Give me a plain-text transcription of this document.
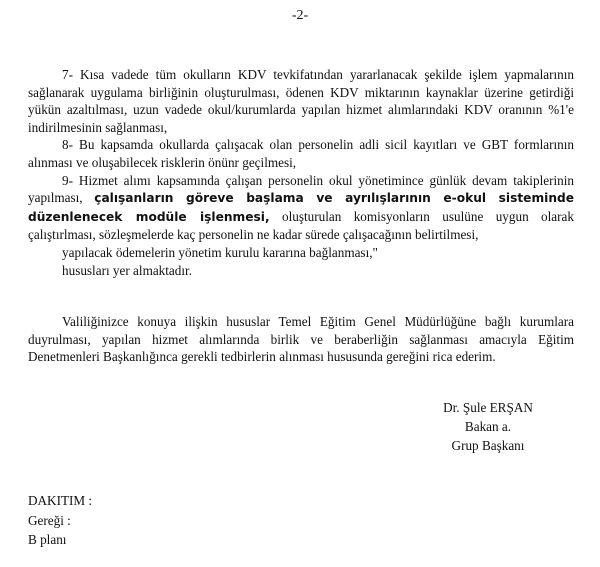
-2-

7- Kısa vadede tüm okulların KDV tevkifatından yararlanacak şekilde işlem yapmalarının sağlanarak uygulama birliğinin oluşturulması, ödenen KDV miktarının kaynaklar üzerine getirdiği yükün azaltılması, uzun vadede okul/kurumlarda yapılan hizmet alımlarındaki KDV oranının %1'e indirilmesinin sağlanması,

8- Bu kapsamda okullarda çalışacak olan personelin adli sicil kayıtları ve GBT formlarının alınması ve oluşabilecek risklerin önünr geçilmesi,

9- Hizmet alımı kapsamında çalışan personelin okul yönetimince günlük devam takiplerinin yapılması, çalışanların göreve başlama ve ayrılışlarının e-okul sisteminde düzenlenecek modüle işlenmesi, oluşturulan komisyonların usulüne uygun olarak çalıştırlması, sözleşmelerde kaç personelin ne kadar sürede çalışacağının belirtilmesi,

yapılacak ödemelerin yönetim kurulu kararına bağlanması,"

hususları yer almaktadır.

Valiliğinizce konuya ilişkin hususlar Temel Eğitim Genel Müdürlüğüne bağlı kurumlara duyrulması, yapılan hizmet alımlarında birlik ve beraberliğin sağlanması amacıyla Eğitim Denetmenleri Başkanlığınca gerekli tedbirlerin alınması hususunda gereğini rica ederim.

Dr. Şule ERŞAN
Bakan a.
Grup Başkanı
DAKITIM :
Gereği :
B planı
